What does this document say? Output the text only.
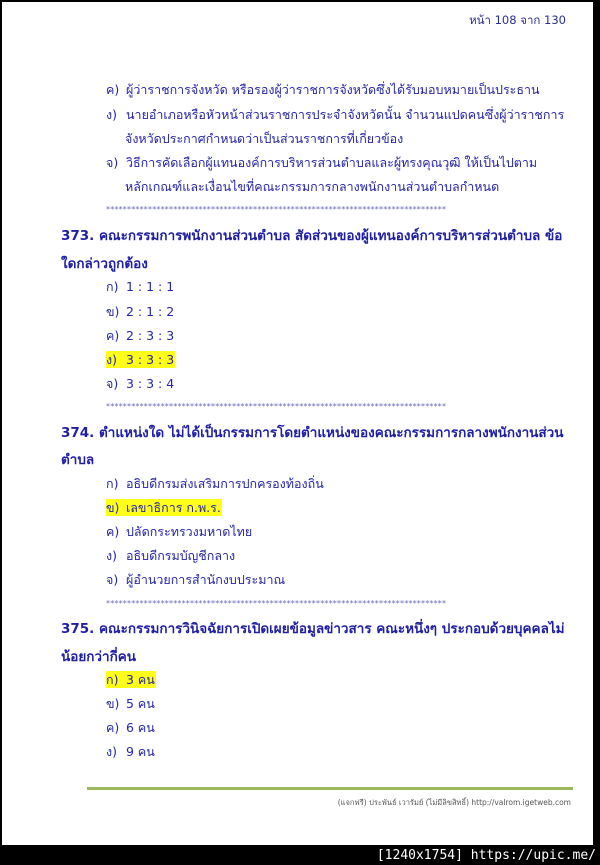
หน้า 108 จาก 130
ค) ผู้ว่าราชการจังหวัด หรือรองผู้ว่าราชการจังหวัดซึ่งได้รับมอบหมายเป็นประธาน
ง) นายอำเภอหรือหัวหน้าส่วนราชการประจำจังหวัดนั้น จำนวนแปดคนซึ่งผู้ว่าราชการ
จังหวัดประกาศกำหนดว่าเป็นส่วนราชการที่เกี่ยวข้อง
จ) วิธีการคัดเลือกผู้แทนองค์การบริหารส่วนตำบลและผู้ทรงคุณวุฒิ ให้เป็นไปตาม
หลักเกณฑ์และเงื่อนไขที่คณะกรรมการกลางพนักงานส่วนตำบลกำหนด
*********************************************************************************
373. คณะกรรมการพนักงานส่วนตำบล สัดส่วนของผู้แทนองค์การบริหารส่วนตำบล ข้อ
ใดกล่าวถูกต้อง
ก) 1 : 1 : 1
ข) 2 : 1 : 2
ค) 2 : 3 : 3
ง) 3 : 3 : 3
จ) 3 : 3 : 4
*********************************************************************************
374. ตำแหน่งใด ไม่ได้เป็นกรรมการโดยตำแหน่งของคณะกรรมการกลางพนักงานส่วน
ตำบล
ก) อธิบดีกรมส่งเสริมการปกครองท้องถิ่น
ข) เลขาธิการ ก.พ.ร.
ค) ปลัดกระทรวงมหาดไทย
ง) อธิบดีกรมบัญชีกลาง
จ) ผู้อำนวยการสำนักงบประมาณ
*********************************************************************************
375. คณะกรรมการวินิจฉัยการเปิดเผยข้อมูลข่าวสาร คณะหนึ่งๆ ประกอบด้วยบุคคลไม่
น้อยกว่ากี่คน
ก) 3 คน
ข) 5 คน
ค) 6 คน
ง) 9 คน
(แจกฟรี) ประพันธ์ เวารัมย์ (ไม่มีลิขสิทธิ์) http://valrom.igetweb.com
[1240x1754] https://upic.me/
